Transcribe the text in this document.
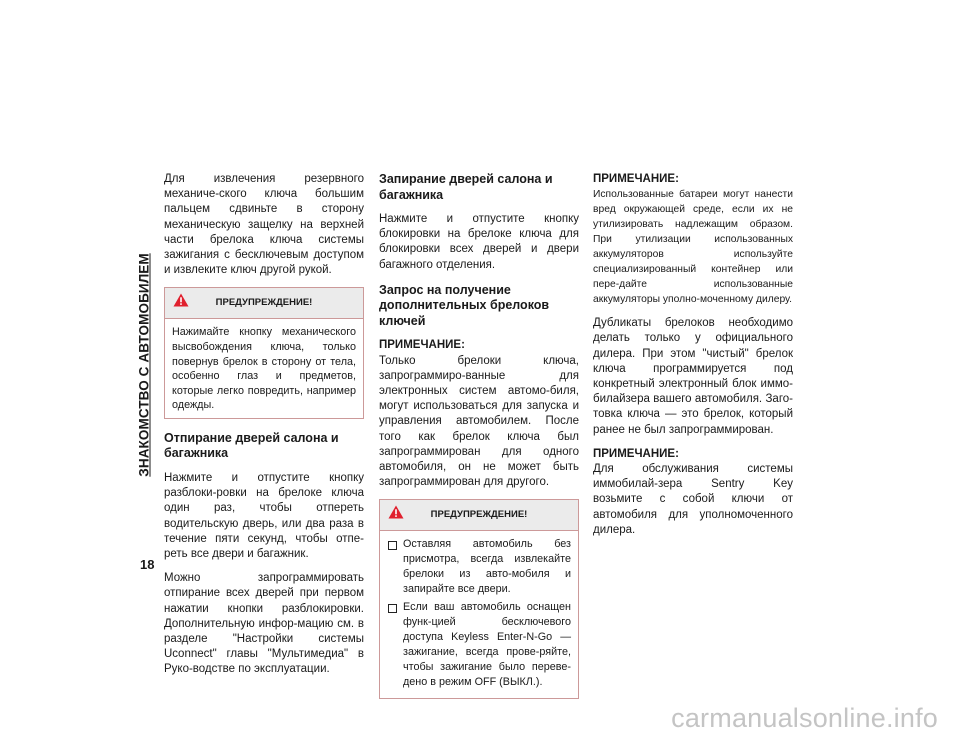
ЗНАКОМСТВО С АВТОМОБИЛЕМ
18

Для извлечения резервного механиче-ского ключа большим пальцем сдвиньте в сторону механическую защелку на верхней части брелока ключа системы зажигания с бесключевым доступом и извлеките ключ другой рукой.

ПРЕДУПРЕЖДЕНИЕ!

Нажимайте кнопку механического высвобождения ключа, только повернув брелок в сторону от тела, особенно глаз и предметов, которые легко повредить, например одежды.

Отпирание дверей салона и багажника

Нажмите и отпустите кнопку разблоки-ровки на брелоке ключа один раз, чтобы отпереть водительскую дверь, или два раза в течение пяти секунд, чтобы отпе-реть все двери и багажник.

Можно запрограммировать отпирание всех дверей при первом нажатии кнопки разблокировки. Дополнительную инфор-мацию см. в разделе "Настройки системы Uconnect" главы "Мультимедиа" в Руко-водстве по эксплуатации.

Запирание дверей салона и багажника

Нажмите и отпустите кнопку блокировки на брелоке ключа для блокировки всех дверей и двери багажного отделения.

Запрос на получение дополнительных брелоков ключей
ПРИМЕЧАНИЕ:

Только брелоки ключа, запрограммиро-ванные для электронных систем автомо-биля, могут использоваться для запуска и управления автомобилем. После того как брелок ключа был запрограммирован для одного автомобиля, он не может быть запрограммирован для другого.

ПРЕДУПРЕЖДЕНИЕ!
Оставляя автомобиль без присмотра, всегда извлекайте брелоки из авто-мобиля и запирайте все двери.
Если ваш автомобиль оснащен функ-цией бесключевого доступа Keyless Enter-N-Go — зажигание, всегда прове-ряйте, чтобы зажигание было переве-дено в режим OFF (ВЫКЛ.).
ПРИМЕЧАНИЕ:

Использованные батареи могут нанести вред окружающей среде, если их не утилизировать надлежащим образом. При утилизации использованных аккумуляторов используйте специализированный контейнер или пере-дайте использованные аккумуляторы уполно-моченному дилеру.

Дубликаты брелоков необходимо делать только у официального дилера. При этом "чистый" брелок ключа программируется под конкретный электронный блок иммо-билайзера вашего автомобиля. Заго-товка ключа — это брелок, который ранее не был запрограммирован.

ПРИМЕЧАНИЕ:

Для обслуживания системы иммобилай-зера Sentry Key возьмите с собой ключи от автомобиля для уполномоченного дилера.

carmanualsonline.info
